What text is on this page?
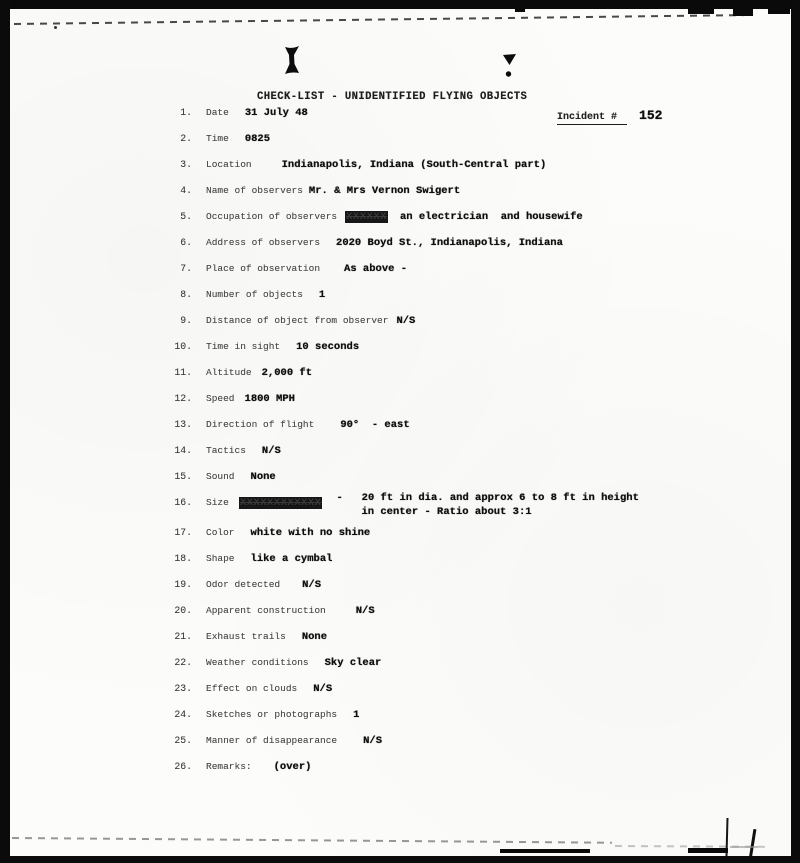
CHECK-LIST - UNIDENTIFIED FLYING OBJECTS
Incident # 152
1. Date 31 July 48
2. Time 0825
3. Location	Indianapolis, Indiana (South-Central part)
4. Name of observers Mr. & Mrs Vernon Swigert
5. Occupation of observers XXXXXX an electrician  and housewife
6. Address of observers 2020 Boyd St., Indianapolis, Indiana
7. Place of observation As above -
8. Number of objects 1
9. Distance of object from observer N/S
10. Time in sight 10 seconds
11. Altitude 2,000 ft
12. Speed 1800 MPH
13. Direction of flight 90°  - east
14. Tactics N/S
15. Sound None
16. Size XXXXXXXXXXXX -   20 ft in dia. and approx 6 to 8 ft in height
in center - Ratio about 3:1
17. Color white with no shine
18. Shape like a cymbal
19. Odor detected N/S
20. Apparent construction	N/S
21. Exhaust trails None
22. Weather conditions Sky clear
23. Effect on clouds N/S
24. Sketches or photographs 1
25. Manner of disappearance N/S
26. Remarks: (over)
